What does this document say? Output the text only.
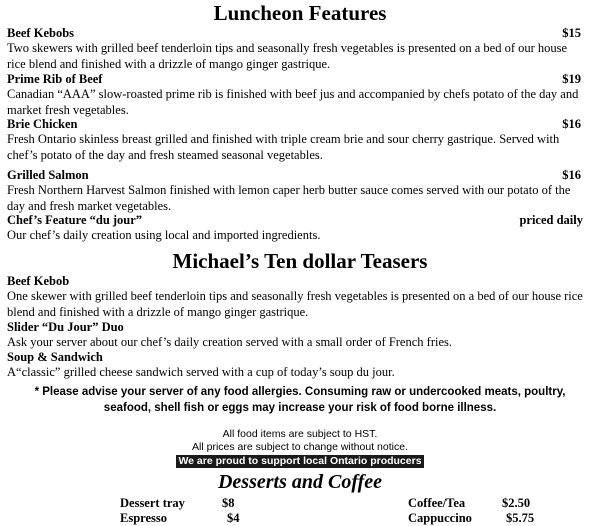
Luncheon Features
Beef Kebobs	$15
Two skewers with grilled beef tenderloin tips and seasonally fresh vegetables is presented on a bed of our house rice blend and finished with a drizzle of mango ginger gastrique.
Prime Rib of Beef	$19
Canadian “AAA” slow-roasted prime rib is finished with beef jus and accompanied by chefs potato of the day and market fresh vegetables.
Brie Chicken	$16
Fresh Ontario skinless breast grilled and finished with triple cream brie and sour cherry gastrique. Served with chef’s potato of the day and fresh steamed seasonal vegetables.
Grilled Salmon	$16
Fresh Northern Harvest Salmon finished with lemon caper herb butter sauce comes served with our potato of the day and fresh market vegetables.
Chef’s Feature “du jour”	priced daily
Our chef’s daily creation using local and imported ingredients.
Michael’s Ten dollar Teasers
Beef Kebob
One skewer with grilled beef tenderloin tips and seasonally fresh vegetables is presented on a bed of our house rice blend and finished with a drizzle of mango ginger gastrique.
Slider “Du Jour” Duo
Ask your server about our chef’s daily creation served with a small order of French fries.
Soup & Sandwich
A“classic” grilled cheese sandwich served with a cup of today’s soup du jour.
* Please advise your server of any food allergies. Consuming raw or undercooked meats, poultry, seafood, shell fish or eggs may increase your risk of food borne illness.
All food items are subject to HST.
All prices are subject to change without notice.
We are proud to support local Ontario producers
Desserts and Coffee
Dessert tray	$8	Coffee/Tea	$2.50
Espresso	$4	Cappuccino	$5.75
